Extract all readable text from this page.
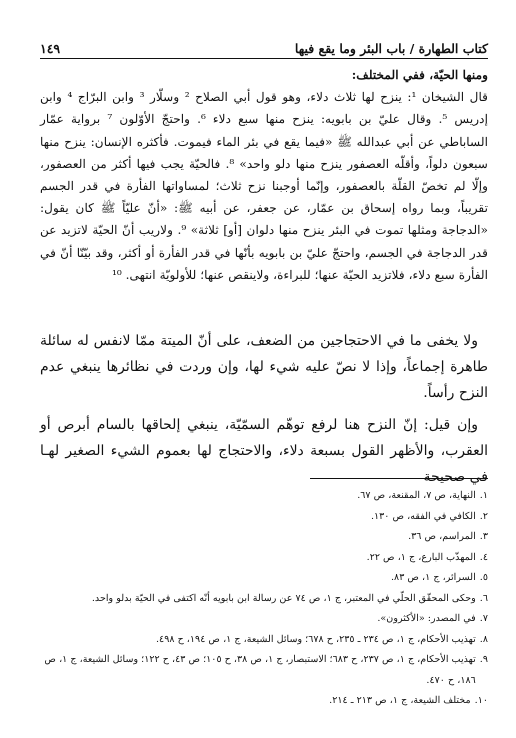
كتاب الطهارة / باب البئر وما يقع فيها
١٤٩

ومنها الحيّة، ففي المختلف:

قال الشيخان ¹: ينزح لها ثلاث دلاء، وهو قول أبي الصلاح ² وسلّار ³ وابن البرّاج ⁴ وابن إدريس ⁵. وقال عليّ بن بابويه: ينزح منها سبع دلاء ⁶. واحتجّ الأوّلون ⁷ برواية عمّار الساباطي عن أبي عبدالله ﷺ «فيما يقع في بئر الماء فيموت. فأكثره الإنسان: ينزح منها سبعون دلواً، وأقلّه العصفور ينزح منها دلو واحد» ⁸. فالحيّة يجب فيها أكثر من العصفور، وإلّا لم تخصّ القلّة بالعصفور، وإنّما أوجبنا نزح ثلاث؛ لمساواتها الفأرة في قدر الجسم تقريباً، وبما رواه إسحاق بن عمّار، عن جعفر، عن أبيه ﷺ: «أنّ عليّاً ﷺ كان يقول: «الدجاجة ومثلها تموت في البئر ينزح منها دلوان [أو] ثلاثة» ⁹. ولاريب أنّ الحيّة لاتزيد عن قدر الدجاجة في الجسم، واحتجّ عليّ بن بابويه بأنّها في قدر الفأرة أو أكثر، وقد بيّنّا أنّ في الفأرة سبع دلاء، فلاتزيد الحيّة عنها؛ للبراءة، ولاينقص عنها؛ للأولويّة انتهى. ¹⁰

ولا يخفى ما في الاحتجاجين من الضعف، على أنّ الميتة ممّا لانفس له سائلة طاهرة إجماعاً، وإذا لا نصّ عليه شيء لها، وإن وردت في نظائرها ينبغي عدم النزح رأساً.

وإن قيل: إنّ النزح هنا لرفع توهّم السمّيّة، ينبغي إلحاقها بالسام أبرص أو العقرب، والأظهر القول بسبعة دلاء، والاحتجاج لها بعموم الشيء الصغير لهـا في صحيحة

١.
النهاية، ص ٧، المقنعة، ص ٦٧.
٢.
الكافي في الفقه، ص ١٣٠.
٣.
المراسم، ص ٣٦.
٤.
المهذّب البارع، ج ١، ص ٢٢.
٥.
السرائر، ج ١، ص ٨٣.
٦.
وحكى المحقّق الحلّي في المعتبر، ج ١، ص ٧٤ عن رسالة ابن بابويه أنّه اكتفى في الحيّة بدلو واحد.
٧.
في المصدر: «الأكثرون».
٨.
تهذيب الأحكام، ج ١، ص ٢٣٤ ـ ٢٣٥، ح ٦٧٨؛ وسائل الشيعة، ج ١، ص ١٩٤، ح ٤٩٨.
٩.
تهذيب الأحكام، ج ١، ص ٢٣٧، ح ٦٨٣؛ الاستبصار، ج ١، ص ٣٨، ح ١٠٥؛ ص ٤٣، ح ١٢٢؛ وسائل الشيعة، ج ١، ص ١٨٦، ح ٤٧٠.
١٠.
مختلف الشيعة، ج ١، ص ٢١٣ ـ ٢١٤.
